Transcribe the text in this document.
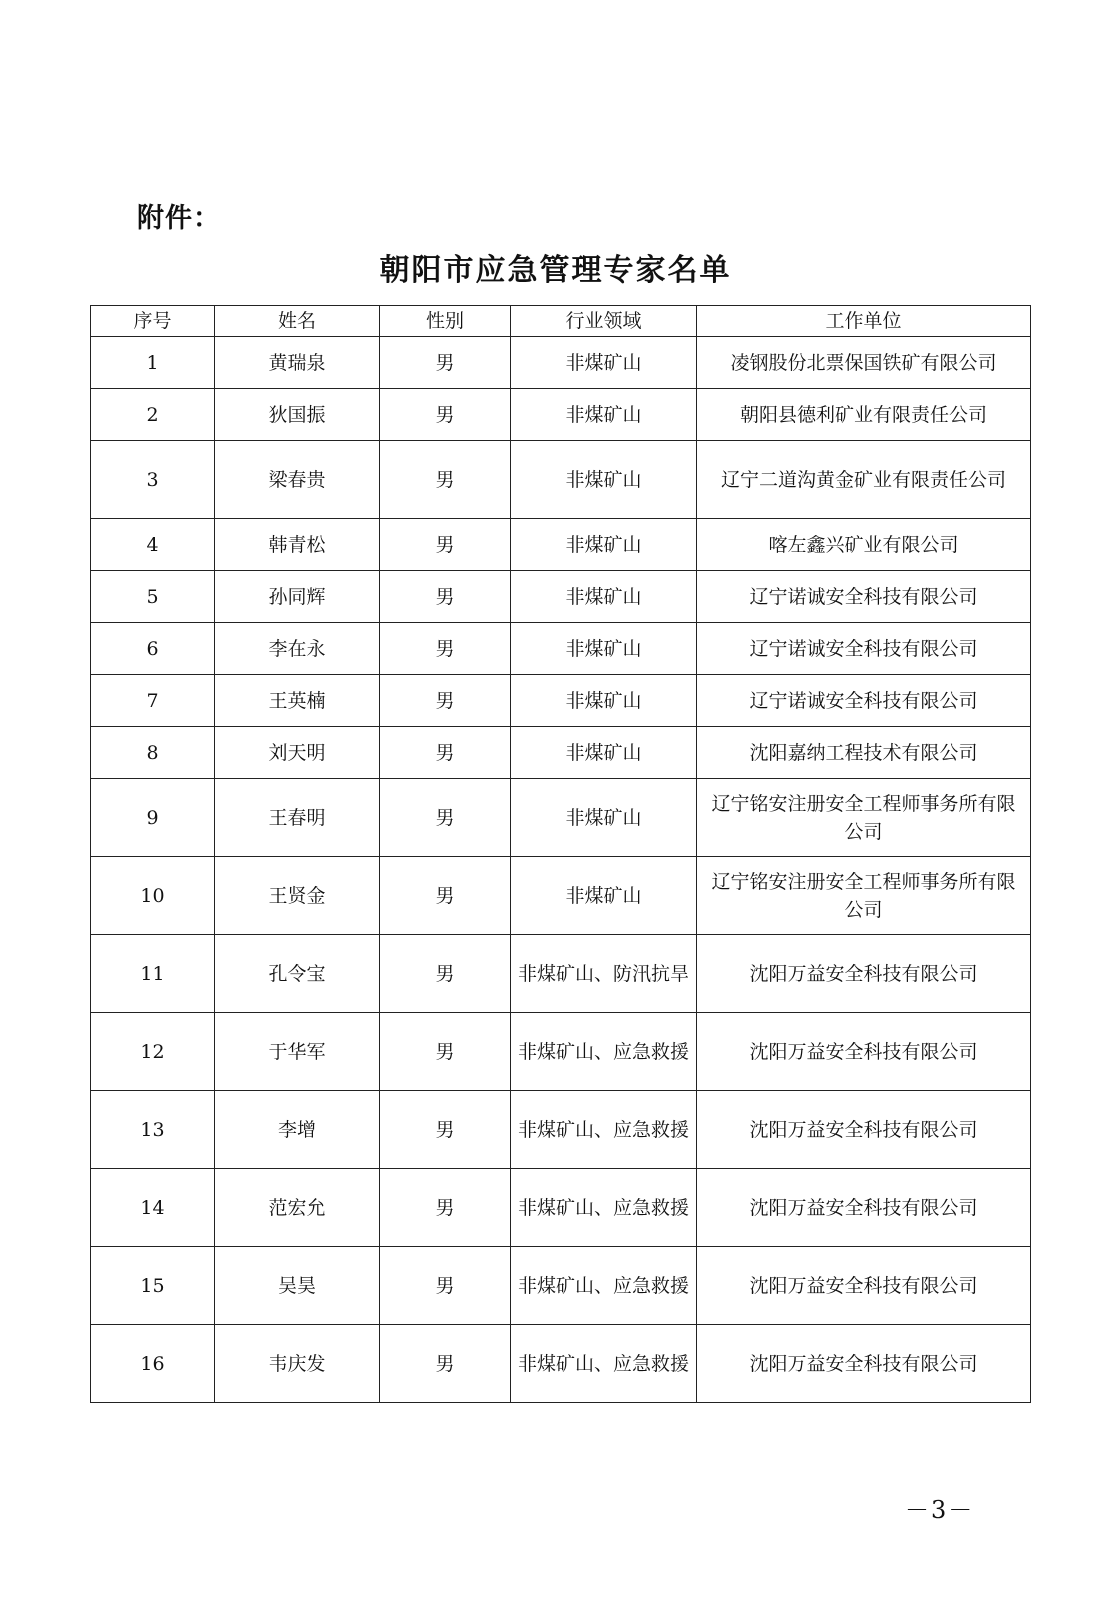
附件：
朝阳市应急管理专家名单
序号	姓名	性别	行业领域	工作单位
1	黄瑞泉	男	非煤矿山	凌钢股份北票保国铁矿有限公司
2	狄国振	男	非煤矿山	朝阳县德利矿业有限责任公司
3	梁春贵	男	非煤矿山	辽宁二道沟黄金矿业有限责任公司
4	韩青松	男	非煤矿山	喀左鑫兴矿业有限公司
5	孙同辉	男	非煤矿山	辽宁诺诚安全科技有限公司
6	李在永	男	非煤矿山	辽宁诺诚安全科技有限公司
7	王英楠	男	非煤矿山	辽宁诺诚安全科技有限公司
8	刘天明	男	非煤矿山	沈阳嘉纳工程技术有限公司
9	王春明	男	非煤矿山	辽宁铭安注册安全工程师事务所有限公司
10	王贤金	男	非煤矿山	辽宁铭安注册安全工程师事务所有限公司
11	孔令宝	男	非煤矿山、防汛抗旱	沈阳万益安全科技有限公司
12	于华军	男	非煤矿山、应急救援	沈阳万益安全科技有限公司
13	李增	男	非煤矿山、应急救援	沈阳万益安全科技有限公司
14	范宏允	男	非煤矿山、应急救援	沈阳万益安全科技有限公司
15	吴昊	男	非煤矿山、应急救援	沈阳万益安全科技有限公司
16	韦庆发	男	非煤矿山、应急救援	沈阳万益安全科技有限公司
－3－
